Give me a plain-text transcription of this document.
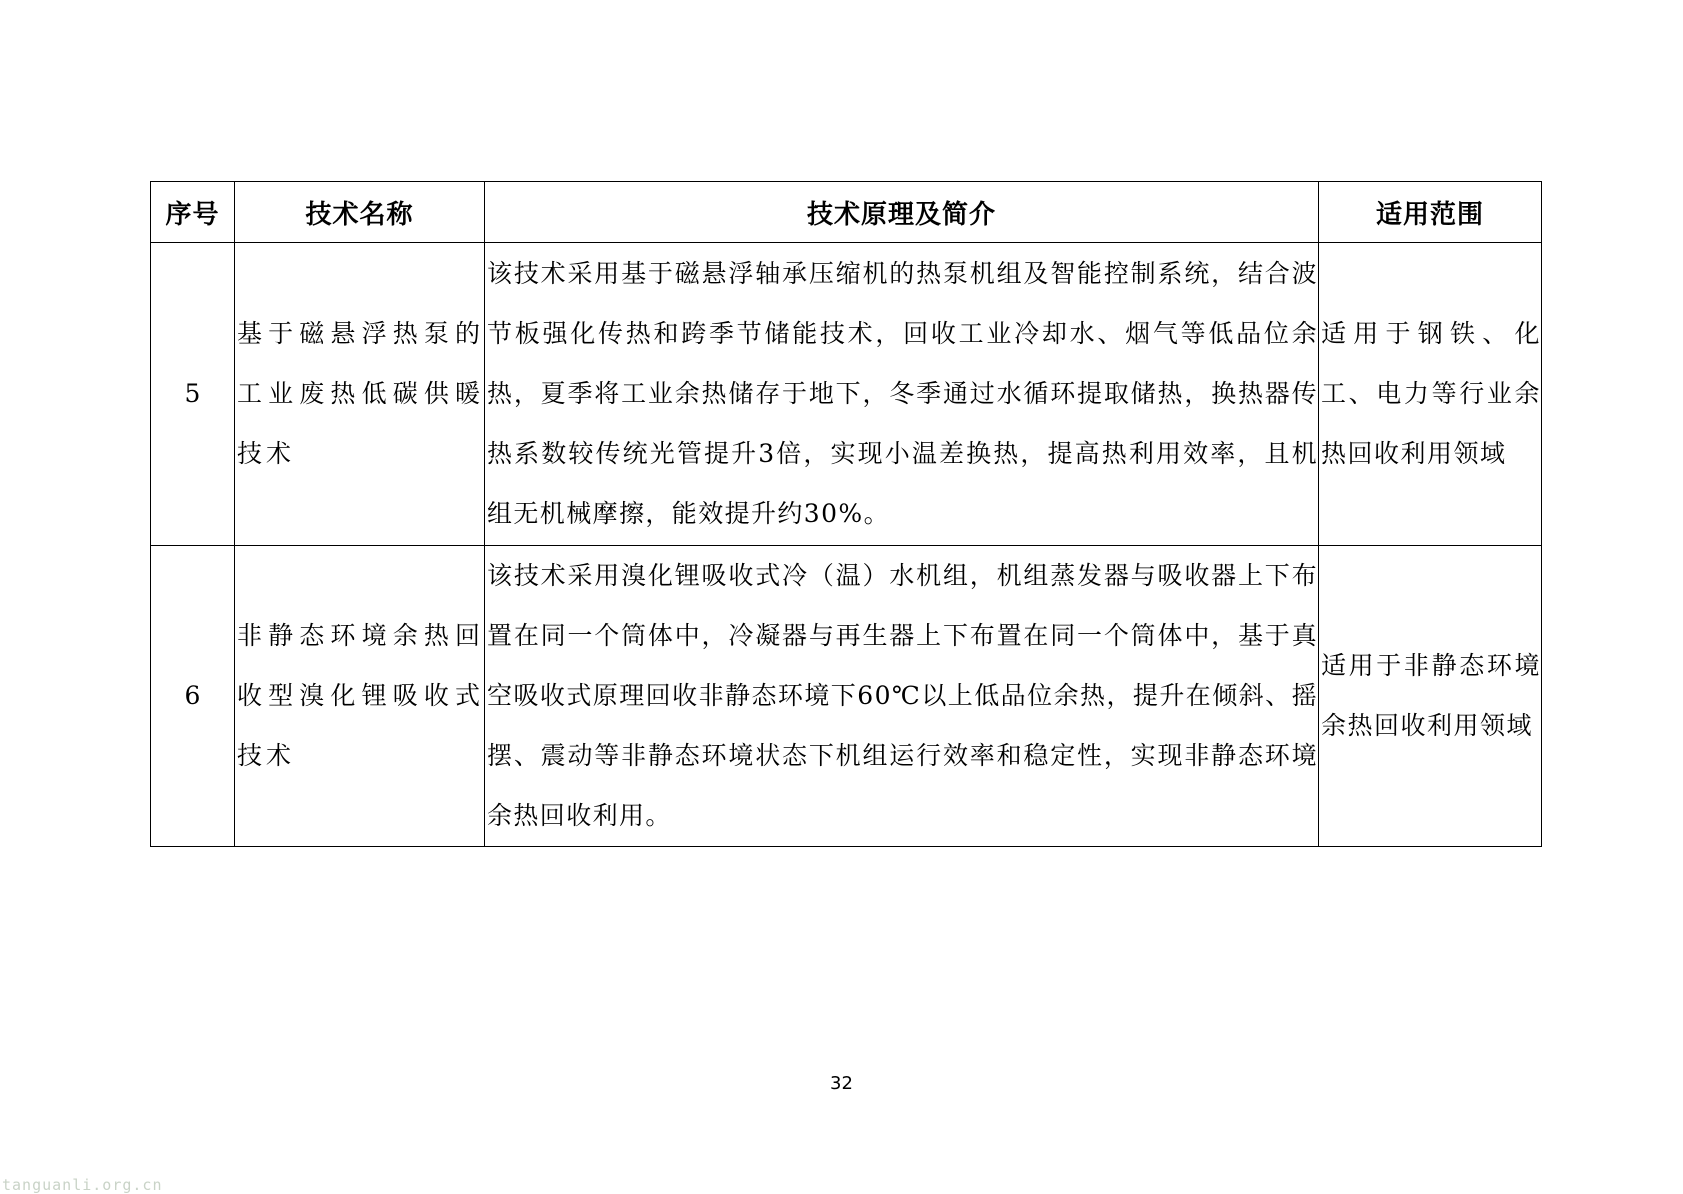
序号	技术名称	技术原理及简介	适用范围
5	基于磁悬浮热泵的工业废热低碳供暖技术	该技术采用基于磁悬浮轴承压缩机的热泵机组及智能控制系统，结合波节板强化传热和跨季节储能技术，回收工业冷却水、烟气等低品位余热，夏季将工业余热储存于地下，冬季通过水循环提取储热，换热器传热系数较传统光管提升3倍，实现小温差换热，提高热利用效率，且机组无机械摩擦，能效提升约30%。	适用于钢铁、化工、电力等行业余热回收利用领域
6	非静态环境余热回收型溴化锂吸收式技术	该技术采用溴化锂吸收式冷（温）水机组，机组蒸发器与吸收器上下布置在同一个筒体中，冷凝器与再生器上下布置在同一个筒体中，基于真空吸收式原理回收非静态环境下60℃以上低品位余热，提升在倾斜、摇摆、震动等非静态环境状态下机组运行效率和稳定性，实现非静态环境余热回收利用。	适用于非静态环境余热回收利用领域
32
tanguanli.org.cn
